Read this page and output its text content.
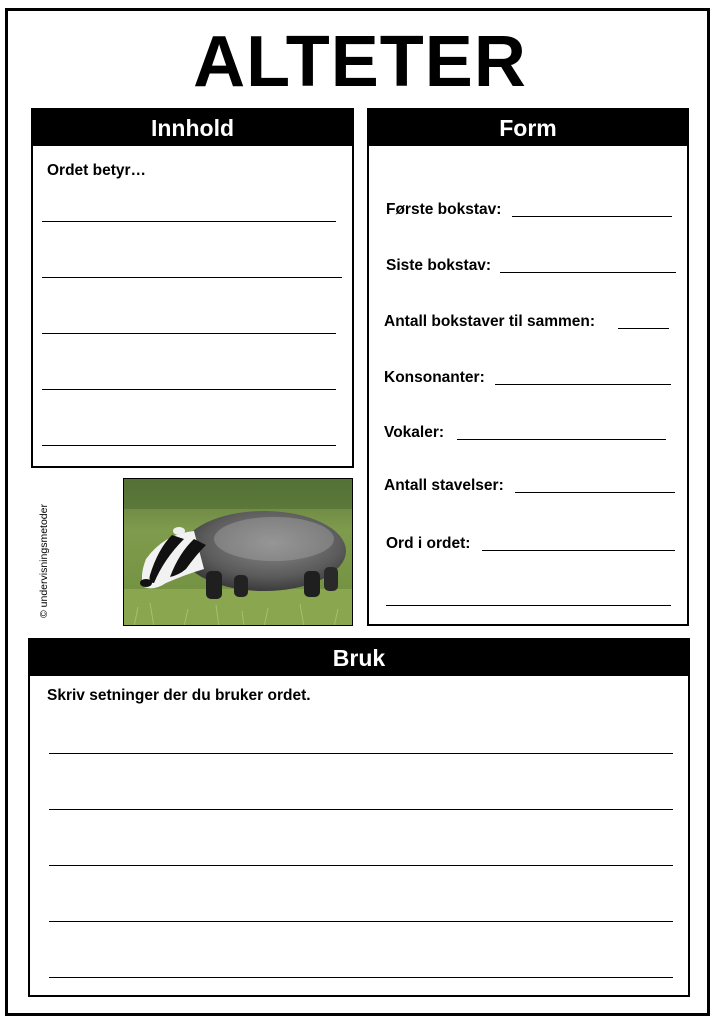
ALTETER
Innhold
Ordet betyr…
Form
Første bokstav:
Siste bokstav:
Antall bokstaver til sammen:
Konsonanter:
Vokaler:
Antall stavelser:
Ord i ordet:
© undervisningsmetoder
Bruk
Skriv setninger der du bruker ordet.
